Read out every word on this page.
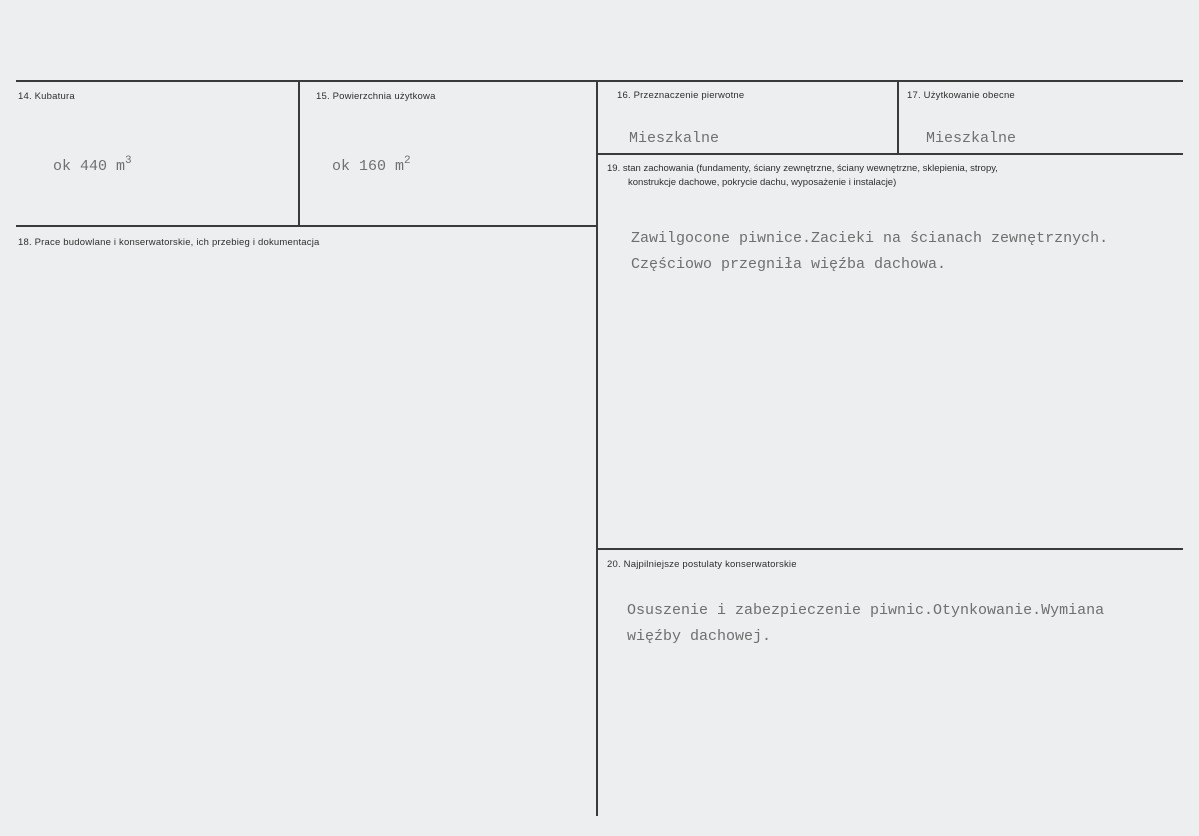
14. Kubatura
ok 440 $m^3$
15. Powierzchnia użytkowa
ok 160 $m^2$
16. Przeznaczenie pierwotne
Mieszkalne
17. Użytkowanie obecne
Mieszkalne
18. Prace budowlane i konserwatorskie, ich przebieg i dokumentacja
19. stan zachowania (fundamenty, ściany zewnętrzne, ściany wewnętrzne, sklepienia, stropy,
konstrukcje dachowe, pokrycie dachu, wyposażenie i instalacje)
Zawilgocone piwnice.Zacieki na ścianach zewnętrznych.
Częściowo przegniła więźba dachowa.
20. Najpilniejsze postulaty konserwatorskie
Osuszenie i zabezpieczenie piwnic.Otynkowanie.Wymiana
więźby dachowej.
